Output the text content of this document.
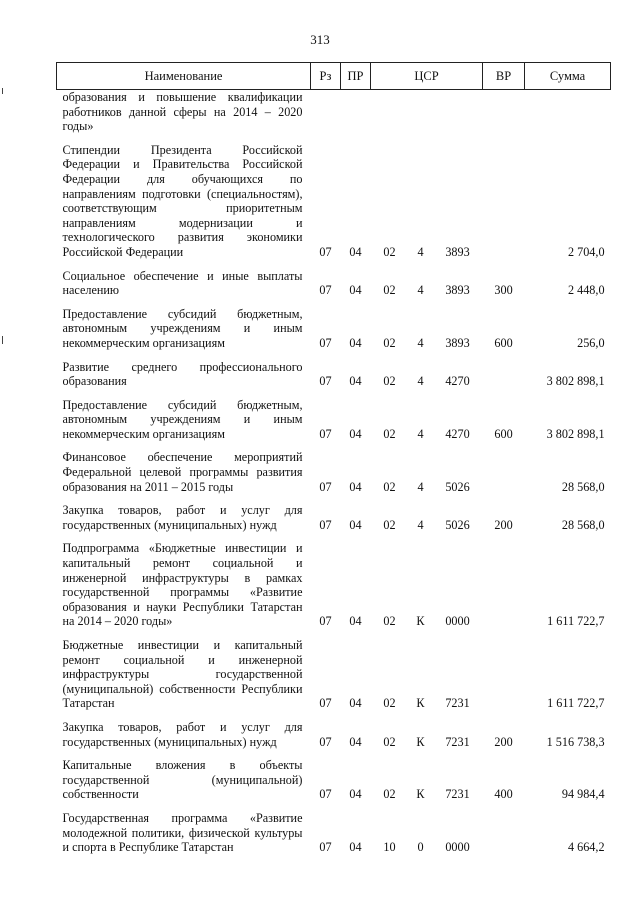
313
Наименование	Рз	ПР	ЦСР			ВР	Сумма
образования и повышение квалификации работников данной сферы на 2014 – 2020 годы»							
Стипендии Президента Российской Федерации и Правительства Российской Федерации для обучающихся по направлениям подготовки (специальностям), соответствующим приоритетным направлениям модернизации и технологического развития экономики Российской Федерации	07	04	02	4	3893		2 704,0
Социальное обеспечение и иные выплаты населению	07	04	02	4	3893	300	2 448,0
Предоставление субсидий бюджетным, автономным учреждениям и иным некоммерческим организациям	07	04	02	4	3893	600	256,0
Развитие среднего профессионального образования	07	04	02	4	4270		3 802 898,1
Предоставление субсидий бюджетным, автономным учреждениям и иным некоммерческим организациям	07	04	02	4	4270	600	3 802 898,1
Финансовое обеспечение мероприятий Федеральной целевой программы развития образования на 2011 – 2015 годы	07	04	02	4	5026		28 568,0
Закупка товаров, работ и услуг для государственных (муниципальных) нужд	07	04	02	4	5026	200	28 568,0
Подпрограмма «Бюджетные инвестиции и капитальный ремонт социальной и инженерной инфраструктуры в рамках государственной программы «Развитие образования и науки Республики Татарстан на 2014 – 2020 годы»	07	04	02	К	0000		1 611 722,7
Бюджетные инвестиции и капитальный ремонт социальной и инженерной инфраструктуры государственной (муниципальной) собственности Республики Татарстан	07	04	02	К	7231		1 611 722,7
Закупка товаров, работ и услуг для государственных (муниципальных) нужд	07	04	02	К	7231	200	1 516 738,3
Капитальные вложения в объекты государственной (муниципальной) собственности	07	04	02	К	7231	400	94 984,4
Государственная программа «Развитие молодежной политики, физической культуры и спорта в Республике Татарстан	07	04	10	0	0000		4 664,2
